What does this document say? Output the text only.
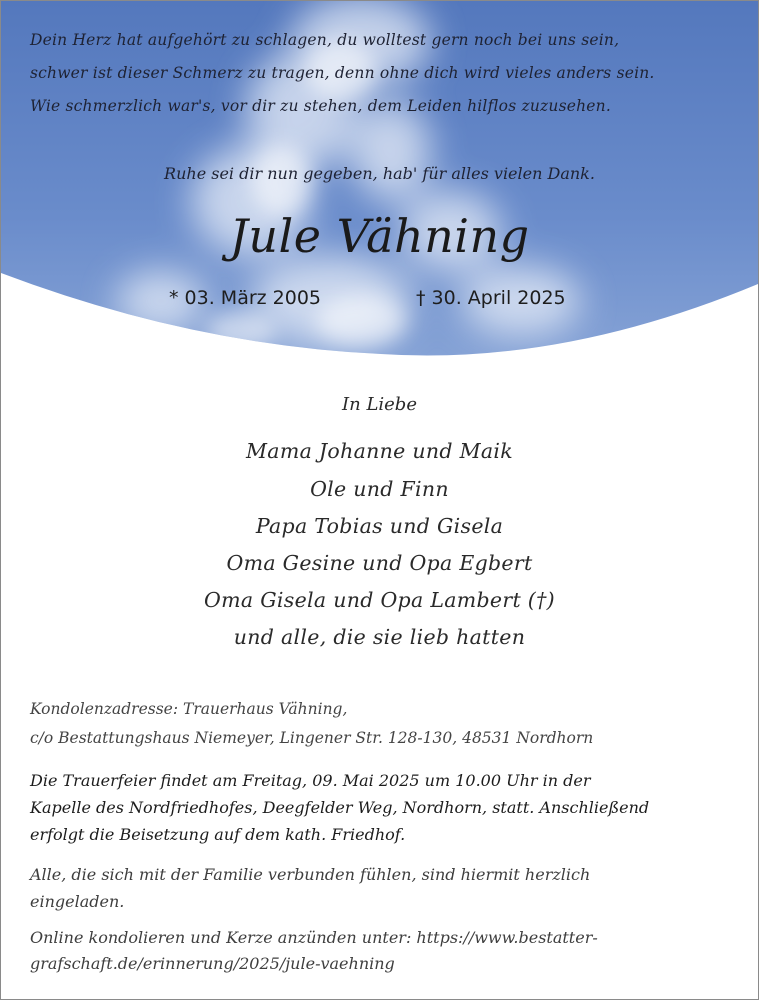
Dein Herz hat aufgehört zu schlagen, du wolltest gern noch bei uns sein,
schwer ist dieser Schmerz zu tragen, denn ohne dich wird vieles anders sein.
Wie schmerzlich war's, vor dir zu stehen, dem Leiden hilflos zuzusehen.
Ruhe sei dir nun gegeben, hab' für alles vielen Dank.
Jule Vähning
* 03. März 2005	† 30. April 2025
In Liebe
Mama Johanne und Maik
Ole und Finn
Papa Tobias und Gisela
Oma Gesine und Opa Egbert
Oma Gisela und Opa Lambert (†)
und alle, die sie lieb hatten
Kondolenzadresse: Trauerhaus Vähning,
c/o Bestattungshaus Niemeyer, Lingener Str. 128-130, 48531 Nordhorn
Die Trauerfeier findet am Freitag, 09. Mai 2025 um 10.00 Uhr in der
Kapelle des Nordfriedhofes, Deegfelder Weg, Nordhorn, statt. Anschließend
erfolgt die Beisetzung auf dem kath. Friedhof.
Alle, die sich mit der Familie verbunden fühlen, sind hiermit herzlich
eingeladen.
Online kondolieren und Kerze anzünden unter: https://www.bestatter-
grafschaft.de/erinnerung/2025/jule-vaehning
